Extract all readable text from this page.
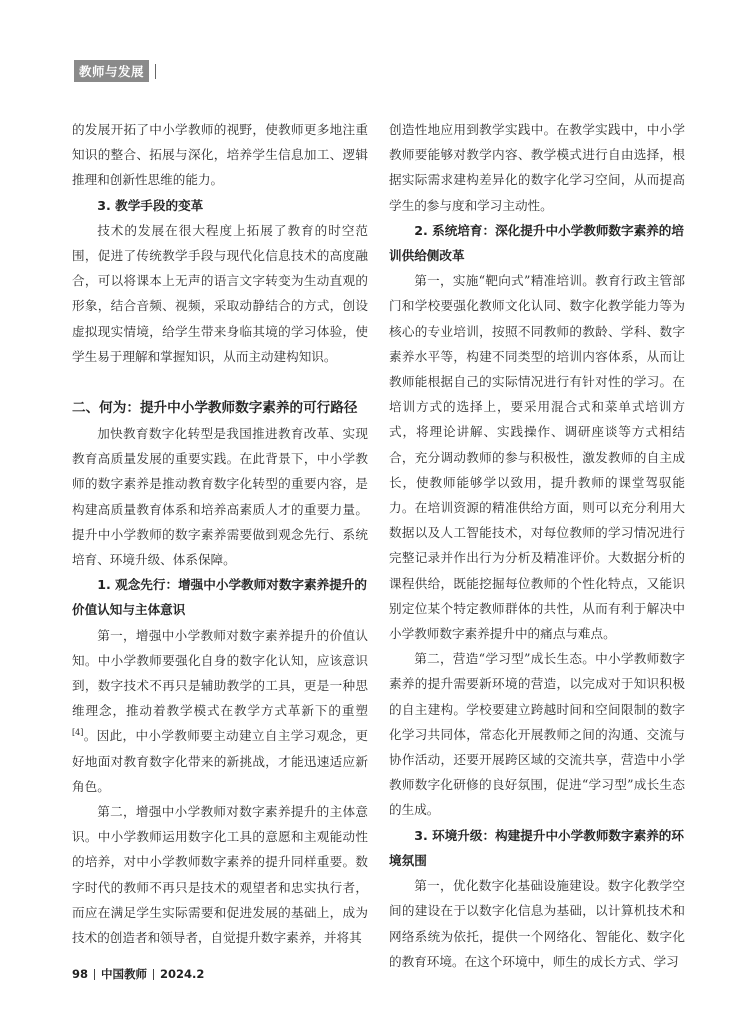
教师与发展

的发展开拓了中小学教师的视野，使教师更多地注重知识的整合、拓展与深化，培养学生信息加工、逻辑推理和创新性思维的能力。

3. 教学手段的变革

技术的发展在很大程度上拓展了教育的时空范围，促进了传统教学手段与现代化信息技术的高度融合，可以将课本上无声的语言文字转变为生动直观的形象，结合音频、视频，采取动静结合的方式，创设虚拟现实情境，给学生带来身临其境的学习体验，使学生易于理解和掌握知识，从而主动建构知识。

二、何为：提升中小学教师数字素养的可行路径

加快教育数字化转型是我国推进教育改革、实现教育高质量发展的重要实践。在此背景下，中小学教师的数字素养是推动教育数字化转型的重要内容，是构建高质量教育体系和培养高素质人才的重要力量。提升中小学教师的数字素养需要做到观念先行、系统培育、环境升级、体系保障。

1. 观念先行：增强中小学教师对数字素养提升的价值认知与主体意识

第一，增强中小学教师对数字素养提升的价值认知。中小学教师要强化自身的数字化认知，应该意识到，数字技术不再只是辅助教学的工具，更是一种思维理念，推动着教学模式在教学方式革新下的重塑[4]。因此，中小学教师要主动建立自主学习观念，更好地面对教育数字化带来的新挑战，才能迅速适应新角色。

第二，增强中小学教师对数字素养提升的主体意识。中小学教师运用数字化工具的意愿和主观能动性的培养，对中小学教师数字素养的提升同样重要。数字时代的教师不再只是技术的观望者和忠实执行者，而应在满足学生实际需要和促进发展的基础上，成为技术的创造者和领导者，自觉提升数字素养，并将其

创造性地应用到教学实践中。在教学实践中，中小学教师要能够对教学内容、教学模式进行自由选择，根据实际需求建构差异化的数字化学习空间，从而提高学生的参与度和学习主动性。

2. 系统培育：深化提升中小学教师数字素养的培训供给侧改革

第一，实施“靶向式”精准培训。教育行政主管部门和学校要强化教师文化认同、数字化教学能力等为核心的专业培训，按照不同教师的教龄、学科、数字素养水平等，构建不同类型的培训内容体系，从而让教师能根据自己的实际情况进行有针对性的学习。在培训方式的选择上，要采用混合式和菜单式培训方式，将理论讲解、实践操作、调研座谈等方式相结合，充分调动教师的参与积极性，激发教师的自主成长，使教师能够学以致用，提升教师的课堂驾驭能力。在培训资源的精准供给方面，则可以充分利用大数据以及人工智能技术，对每位教师的学习情况进行完整记录并作出行为分析及精准评价。大数据分析的课程供给，既能挖掘每位教师的个性化特点，又能识别定位某个特定教师群体的共性，从而有利于解决中小学教师数字素养提升中的痛点与难点。

第二，营造“学习型”成长生态。中小学教师数字素养的提升需要新环境的营造，以完成对于知识积极的自主建构。学校要建立跨越时间和空间限制的数字化学习共同体，常态化开展教师之间的沟通、交流与协作活动，还要开展跨区域的交流共享，营造中小学教师数字化研修的良好氛围，促进“学习型”成长生态的生成。

3. 环境升级：构建提升中小学教师数字素养的环境氛围

第一，优化数字化基础设施建设。数字化教学空间的建设在于以数字化信息为基础，以计算机技术和网络系统为依托，提供一个网络化、智能化、数字化的教育环境。在这个环境中，师生的成长方式、学习

98 中国教师 2024.2
